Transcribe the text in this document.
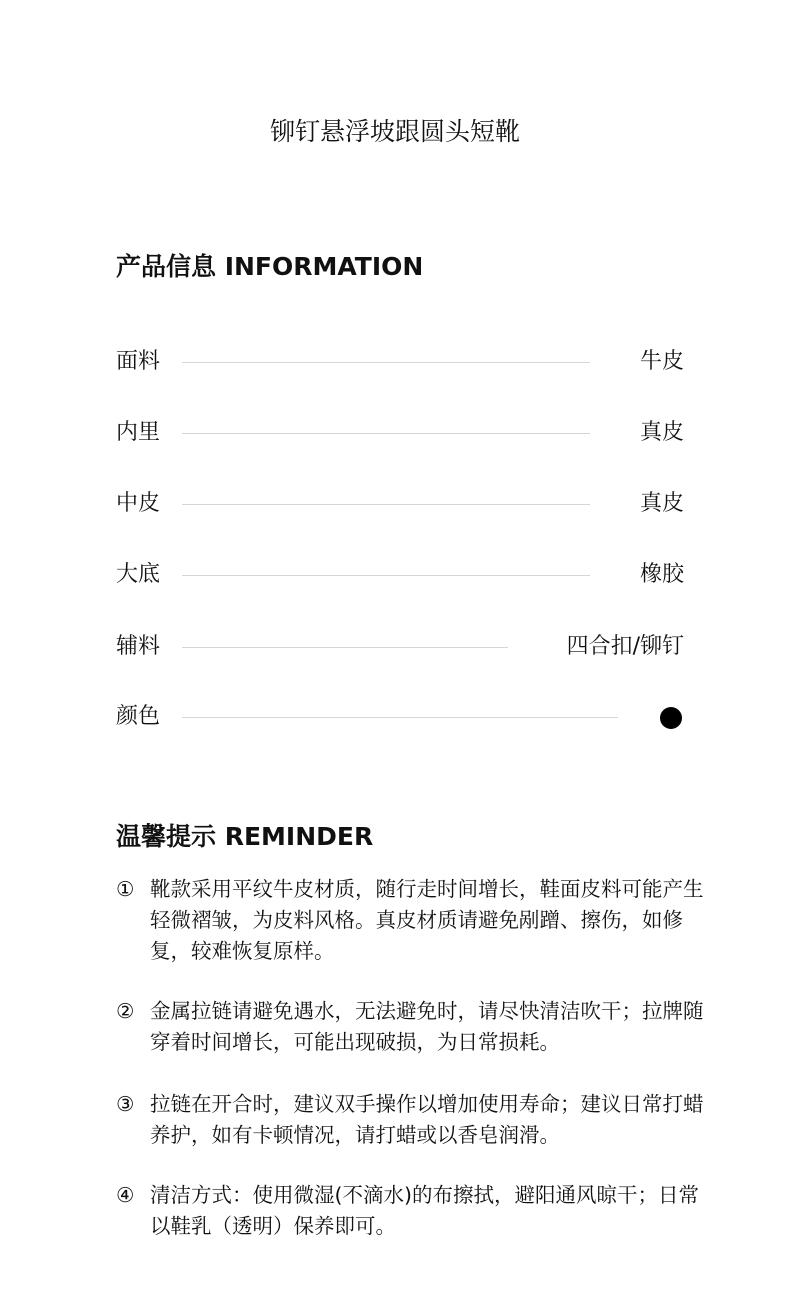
铆钉悬浮坡跟圆头短靴
产品信息 INFORMATION
面料	牛皮
内里	真皮
中皮	真皮
大底	橡胶
辅料	四合扣/铆钉
颜色
温馨提示 REMINDER
① 靴款采用平纹牛皮材质，随行走时间增长，鞋面皮料可能产生轻微褶皱，为皮料风格。真皮材质请避免剐蹭、擦伤，如修复，较难恢复原样。
② 金属拉链请避免遇水，无法避免时，请尽快清洁吹干；拉牌随穿着时间增长，可能出现破损，为日常损耗。
③ 拉链在开合时，建议双手操作以增加使用寿命；建议日常打蜡养护，如有卡顿情况，请打蜡或以香皂润滑。
④ 清洁方式：使用微湿(不滴水)的布擦拭，避阳通风晾干；日常以鞋乳（透明）保养即可。
